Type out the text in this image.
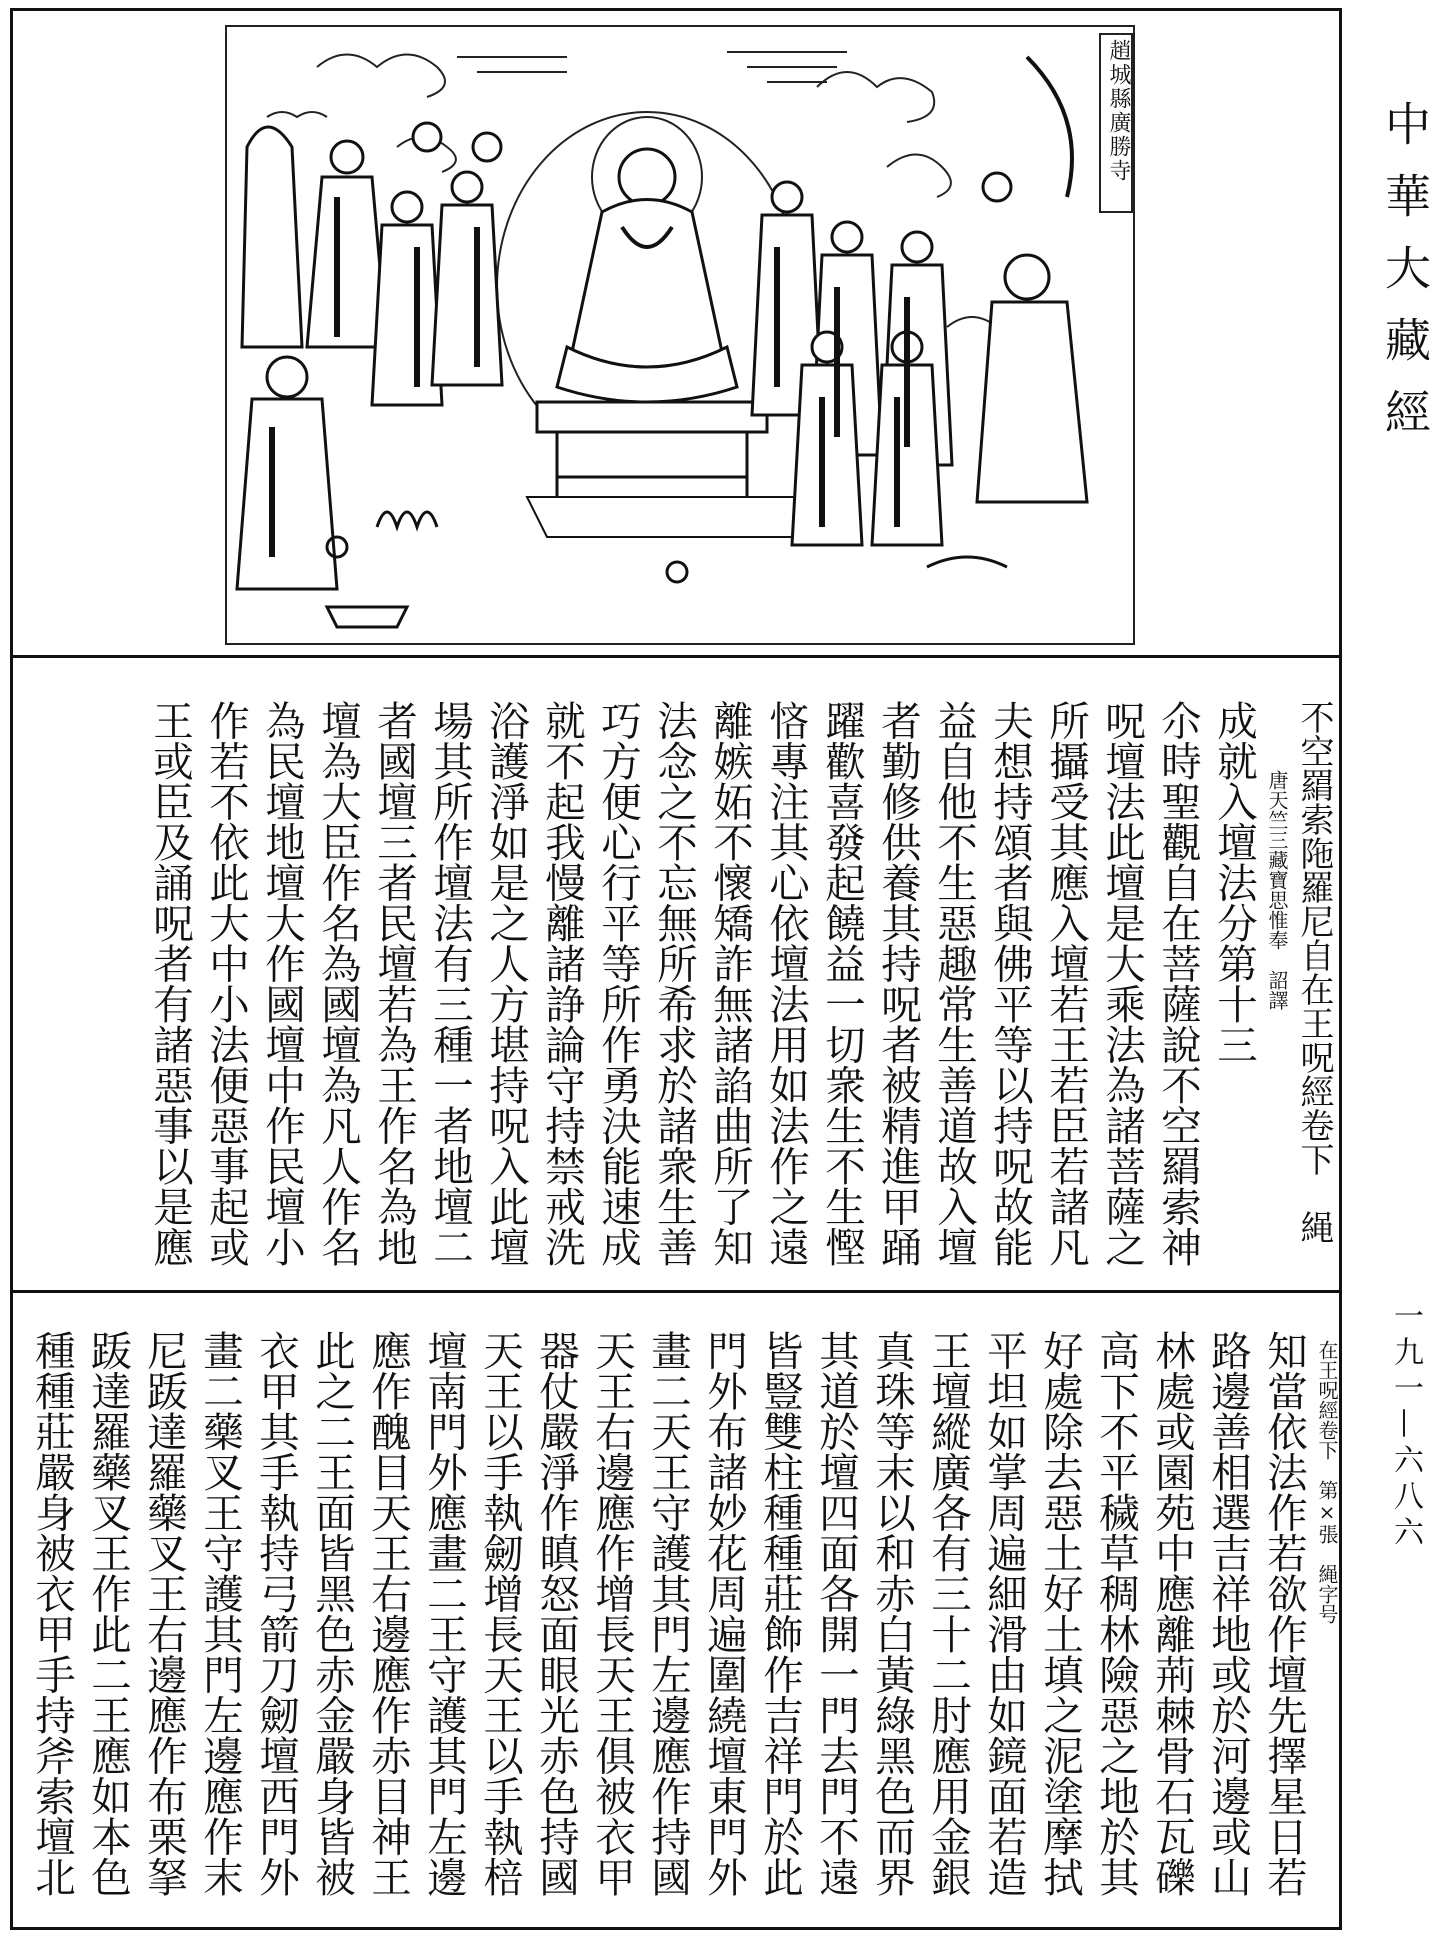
趙城縣廣勝寺	中華大藏經
一九一—六八六
不空羂索陁羅尼自在王呪經卷下　䋲
唐天竺三藏寶思惟奉　詔譯
成就入壇法分第十三
尒時聖觀自在菩薩說不空羂索神
呪壇法此壇是大乘法為諸菩薩之
所攝受其應入壇若王若臣若諸凡
夫想持頌者與佛平等以持呪故能
益自他不生惡趣常生善道故入壇
者勤修供養其持呪者被精進甲踊
躍歡喜發起饒益一切衆生不生慳
悋專注其心依壇法用如法作之遠
離嫉妬不懷矯詐無諸諂曲所了知
法念之不忘無所希求於諸衆生善
巧方便心行平等所作勇決能速成
就不起我慢離諸諍論守持禁戒洗
浴護淨如是之人方堪持呪入此壇
場其所作壇法有三種一者地壇二
者國壇三者民壇若為王作名為地
壇為大臣作名為國壇為凡人作名
為民壇地壇大作國壇中作民壇小
作若不依此大中小法便惡事起或
王或臣及誦呪者有諸惡事以是應
在王呪經卷下　第×張　䋲字号
知當依法作若欲作壇先擇星日若
路邊善相選吉祥地或於河邊或山
林處或園苑中應離荊棘骨石瓦礫
高下不平穢草稠林險惡之地於其
好處除去惡土好土填之泥塗摩拭
平坦如掌周遍細滑由如鏡面若造
王壇縱廣各有三十二肘應用金銀
真珠等末以和赤白黃綠黑色而界
其道於壇四面各開一門去門不遠
皆豎雙柱種種莊飾作吉祥門於此
門外布諸妙花周遍圍繞壇東門外
畫二天王守護其門左邊應作持國
天王右邊應作增長天王俱被衣甲
器仗嚴淨作瞋怒面眼光赤色持國
天王以手執劒增長天王以手執棓
壇南門外應畫二王守護其門左邊
應作醜目天王右邊應作赤目神王
此之二王面皆黑色赤金嚴身皆被
衣甲其手執持弓箭刀劒壇西門外
畫二藥叉王守護其門左邊應作末
尼䟦達羅藥叉王右邊應作布栗拏
䟦達羅藥叉王作此二王應如本色
種種莊嚴身被衣甲手持斧索壇北
